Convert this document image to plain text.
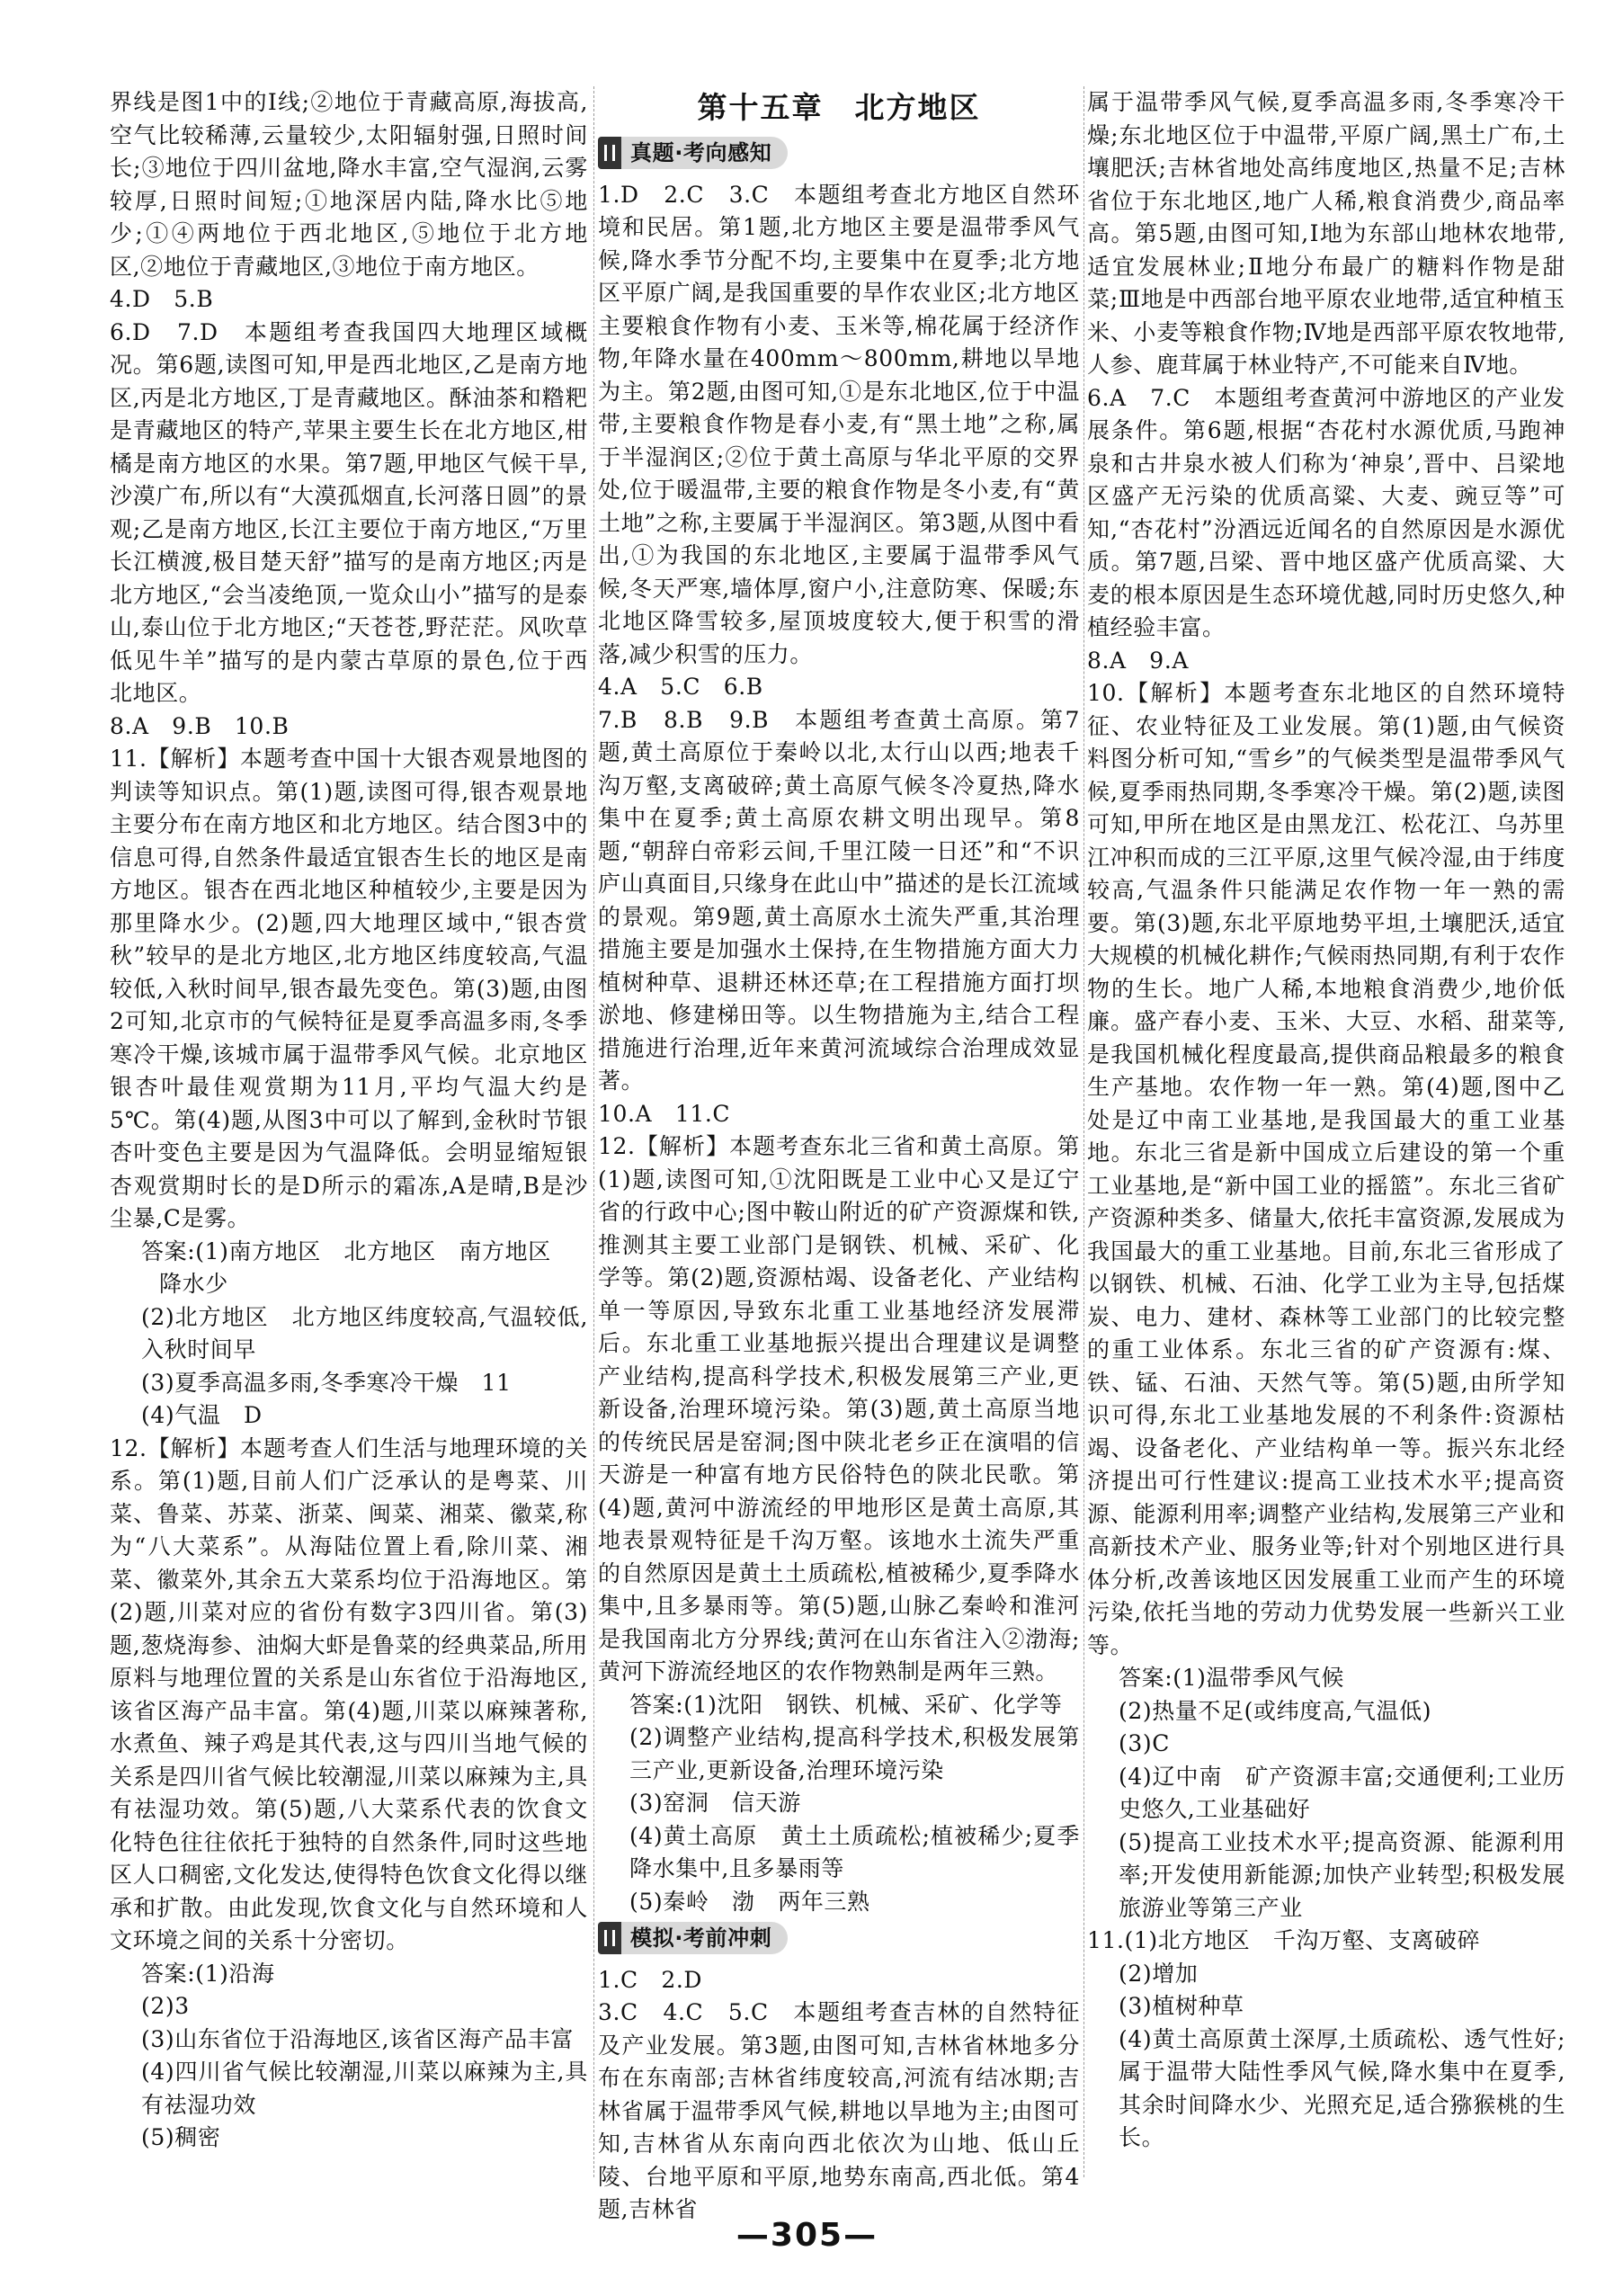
界线是图1中的Ⅰ线;②地位于青藏高原,海拔高,空气比较稀薄,云量较少,太阳辐射强,日照时间长;③地位于四川盆地,降水丰富,空气湿润,云雾较厚,日照时间短;①地深居内陆,降水比⑤地少;①④两地位于西北地区,⑤地位于北方地区,②地位于青藏地区,③地位于南方地区。

4.D　5.B

6.D　7.D　本题组考查我国四大地理区域概况。第6题,读图可知,甲是西北地区,乙是南方地区,丙是北方地区,丁是青藏地区。酥油茶和糌粑是青藏地区的特产,苹果主要生长在北方地区,柑橘是南方地区的水果。第7题,甲地区气候干旱,沙漠广布,所以有“大漠孤烟直,长河落日圆”的景观;乙是南方地区,长江主要位于南方地区,“万里长江横渡,极目楚天舒”描写的是南方地区;丙是北方地区,“会当凌绝顶,一览众山小”描写的是泰山,泰山位于北方地区;“天苍苍,野茫茫。风吹草低见牛羊”描写的是内蒙古草原的景色,位于西北地区。

8.A　9.B　10.B

11.【解析】本题考查中国十大银杏观景地图的判读等知识点。第(1)题,读图可得,银杏观景地主要分布在南方地区和北方地区。结合图3中的信息可得,自然条件最适宜银杏生长的地区是南方地区。银杏在西北地区种植较少,主要是因为那里降水少。(2)题,四大地理区域中,“银杏赏秋”较早的是北方地区,北方地区纬度较高,气温较低,入秋时间早,银杏最先变色。第(3)题,由图2可知,北京市的气候特征是夏季高温多雨,冬季寒冷干燥,该城市属于温带季风气候。北京地区银杏叶最佳观赏期为11月,平均气温大约是5℃。第(4)题,从图3中可以了解到,金秋时节银杏叶变色主要是因为气温降低。会明显缩短银杏观赏期时长的是D所示的霜冻,A是晴,B是沙尘暴,C是雾。

答案:(1)南方地区　北方地区　南方地区

降水少

(2)北方地区　北方地区纬度较高,气温较低,入秋时间早

(3)夏季高温多雨,冬季寒冷干燥　11

(4)气温　D

12.【解析】本题考查人们生活与地理环境的关系。第(1)题,目前人们广泛承认的是粤菜、川菜、鲁菜、苏菜、浙菜、闽菜、湘菜、徽菜,称为“八大菜系”。从海陆位置上看,除川菜、湘菜、徽菜外,其余五大菜系均位于沿海地区。第(2)题,川菜对应的省份有数字3四川省。第(3)题,葱烧海参、油焖大虾是鲁菜的经典菜品,所用原料与地理位置的关系是山东省位于沿海地区,该省区海产品丰富。第(4)题,川菜以麻辣著称,水煮鱼、辣子鸡是其代表,这与四川当地气候的关系是四川省气候比较潮湿,川菜以麻辣为主,具有祛湿功效。第(5)题,八大菜系代表的饮食文化特色往往依托于独特的自然条件,同时这些地区人口稠密,文化发达,使得特色饮食文化得以继承和扩散。由此发现,饮食文化与自然环境和人文环境之间的关系十分密切。

答案:(1)沿海

(2)3

(3)山东省位于沿海地区,该省区海产品丰富

(4)四川省气候比较潮湿,川菜以麻辣为主,具有祛湿功效

(5)稠密

第十五章　北方地区
真题·考向感知

1.D　2.C　3.C　本题组考查北方地区自然环境和民居。第1题,北方地区主要是温带季风气候,降水季节分配不均,主要集中在夏季;北方地区平原广阔,是我国重要的旱作农业区;北方地区主要粮食作物有小麦、玉米等,棉花属于经济作物,年降水量在400mm～800mm,耕地以旱地为主。第2题,由图可知,①是东北地区,位于中温带,主要粮食作物是春小麦,有“黑土地”之称,属于半湿润区;②位于黄土高原与华北平原的交界处,位于暖温带,主要的粮食作物是冬小麦,有“黄土地”之称,主要属于半湿润区。第3题,从图中看出,①为我国的东北地区,主要属于温带季风气候,冬天严寒,墙体厚,窗户小,注意防寒、保暖;东北地区降雪较多,屋顶坡度较大,便于积雪的滑落,减少积雪的压力。

4.A　5.C　6.B

7.B　8.B　9.B　本题组考查黄土高原。第7题,黄土高原位于秦岭以北,太行山以西;地表千沟万壑,支离破碎;黄土高原气候冬冷夏热,降水集中在夏季;黄土高原农耕文明出现早。第8题,“朝辞白帝彩云间,千里江陵一日还”和“不识庐山真面目,只缘身在此山中”描述的是长江流域的景观。第9题,黄土高原水土流失严重,其治理措施主要是加强水土保持,在生物措施方面大力植树种草、退耕还林还草;在工程措施方面打坝淤地、修建梯田等。以生物措施为主,结合工程措施进行治理,近年来黄河流域综合治理成效显著。

10.A　11.C

12.【解析】本题考查东北三省和黄土高原。第(1)题,读图可知,①沈阳既是工业中心又是辽宁省的行政中心;图中鞍山附近的矿产资源煤和铁,推测其主要工业部门是钢铁、机械、采矿、化学等。第(2)题,资源枯竭、设备老化、产业结构单一等原因,导致东北重工业基地经济发展滞后。东北重工业基地振兴提出合理建议是调整产业结构,提高科学技术,积极发展第三产业,更新设备,治理环境污染。第(3)题,黄土高原当地的传统民居是窑洞;图中陕北老乡正在演唱的信天游是一种富有地方民俗特色的陕北民歌。第(4)题,黄河中游流经的甲地形区是黄土高原,其地表景观特征是千沟万壑。该地水土流失严重的自然原因是黄土土质疏松,植被稀少,夏季降水集中,且多暴雨等。第(5)题,山脉乙秦岭和淮河是我国南北方分界线;黄河在山东省注入②渤海;黄河下游流经地区的农作物熟制是两年三熟。

答案:(1)沈阳　钢铁、机械、采矿、化学等

(2)调整产业结构,提高科学技术,积极发展第三产业,更新设备,治理环境污染

(3)窑洞　信天游

(4)黄土高原　黄土土质疏松;植被稀少;夏季降水集中,且多暴雨等

(5)秦岭　渤　两年三熟

模拟·考前冲刺

1.C　2.D

3.C　4.C　5.C　本题组考查吉林的自然特征及产业发展。第3题,由图可知,吉林省林地多分布在东南部;吉林省纬度较高,河流有结冰期;吉林省属于温带季风气候,耕地以旱地为主;由图可知,吉林省从东南向西北依次为山地、低山丘陵、台地平原和平原,地势东南高,西北低。第4题,吉林省

属于温带季风气候,夏季高温多雨,冬季寒冷干燥;东北地区位于中温带,平原广阔,黑土广布,土壤肥沃;吉林省地处高纬度地区,热量不足;吉林省位于东北地区,地广人稀,粮食消费少,商品率高。第5题,由图可知,Ⅰ地为东部山地林农地带,适宜发展林业;Ⅱ地分布最广的糖料作物是甜菜;Ⅲ地是中西部台地平原农业地带,适宜种植玉米、小麦等粮食作物;Ⅳ地是西部平原农牧地带,人参、鹿茸属于林业特产,不可能来自Ⅳ地。

6.A　7.C　本题组考查黄河中游地区的产业发展条件。第6题,根据“杏花村水源优质,马跑神泉和古井泉水被人们称为‘神泉’,晋中、吕梁地区盛产无污染的优质高粱、大麦、豌豆等”可知,“杏花村”汾酒远近闻名的自然原因是水源优质。第7题,吕梁、晋中地区盛产优质高粱、大麦的根本原因是生态环境优越,同时历史悠久,种植经验丰富。

8.A　9.A

10.【解析】本题考查东北地区的自然环境特征、农业特征及工业发展。第(1)题,由气候资料图分析可知,“雪乡”的气候类型是温带季风气候,夏季雨热同期,冬季寒冷干燥。第(2)题,读图可知,甲所在地区是由黑龙江、松花江、乌苏里江冲积而成的三江平原,这里气候冷湿,由于纬度较高,气温条件只能满足农作物一年一熟的需要。第(3)题,东北平原地势平坦,土壤肥沃,适宜大规模的机械化耕作;气候雨热同期,有利于农作物的生长。地广人稀,本地粮食消费少,地价低廉。盛产春小麦、玉米、大豆、水稻、甜菜等,是我国机械化程度最高,提供商品粮最多的粮食生产基地。农作物一年一熟。第(4)题,图中乙处是辽中南工业基地,是我国最大的重工业基地。东北三省是新中国成立后建设的第一个重工业基地,是“新中国工业的摇篮”。东北三省矿产资源种类多、储量大,依托丰富资源,发展成为我国最大的重工业基地。目前,东北三省形成了以钢铁、机械、石油、化学工业为主导,包括煤炭、电力、建材、森林等工业部门的比较完整的重工业体系。东北三省的矿产资源有:煤、铁、锰、石油、天然气等。第(5)题,由所学知识可得,东北工业基地发展的不利条件:资源枯竭、设备老化、产业结构单一等。振兴东北经济提出可行性建议:提高工业技术水平;提高资源、能源利用率;调整产业结构,发展第三产业和高新技术产业、服务业等;针对个别地区进行具体分析,改善该地区因发展重工业而产生的环境污染,依托当地的劳动力优势发展一些新兴工业等。

答案:(1)温带季风气候

(2)热量不足(或纬度高,气温低)

(3)C

(4)辽中南　矿产资源丰富;交通便利;工业历史悠久,工业基础好

(5)提高工业技术水平;提高资源、能源利用率;开发使用新能源;加快产业转型;积极发展旅游业等第三产业

11.(1)北方地区　千沟万壑、支离破碎

(2)增加

(3)植树种草

(4)黄土高原黄土深厚,土质疏松、透气性好;属于温带大陆性季风气候,降水集中在夏季,其余时间降水少、光照充足,适合猕猴桃的生长。

—305—
